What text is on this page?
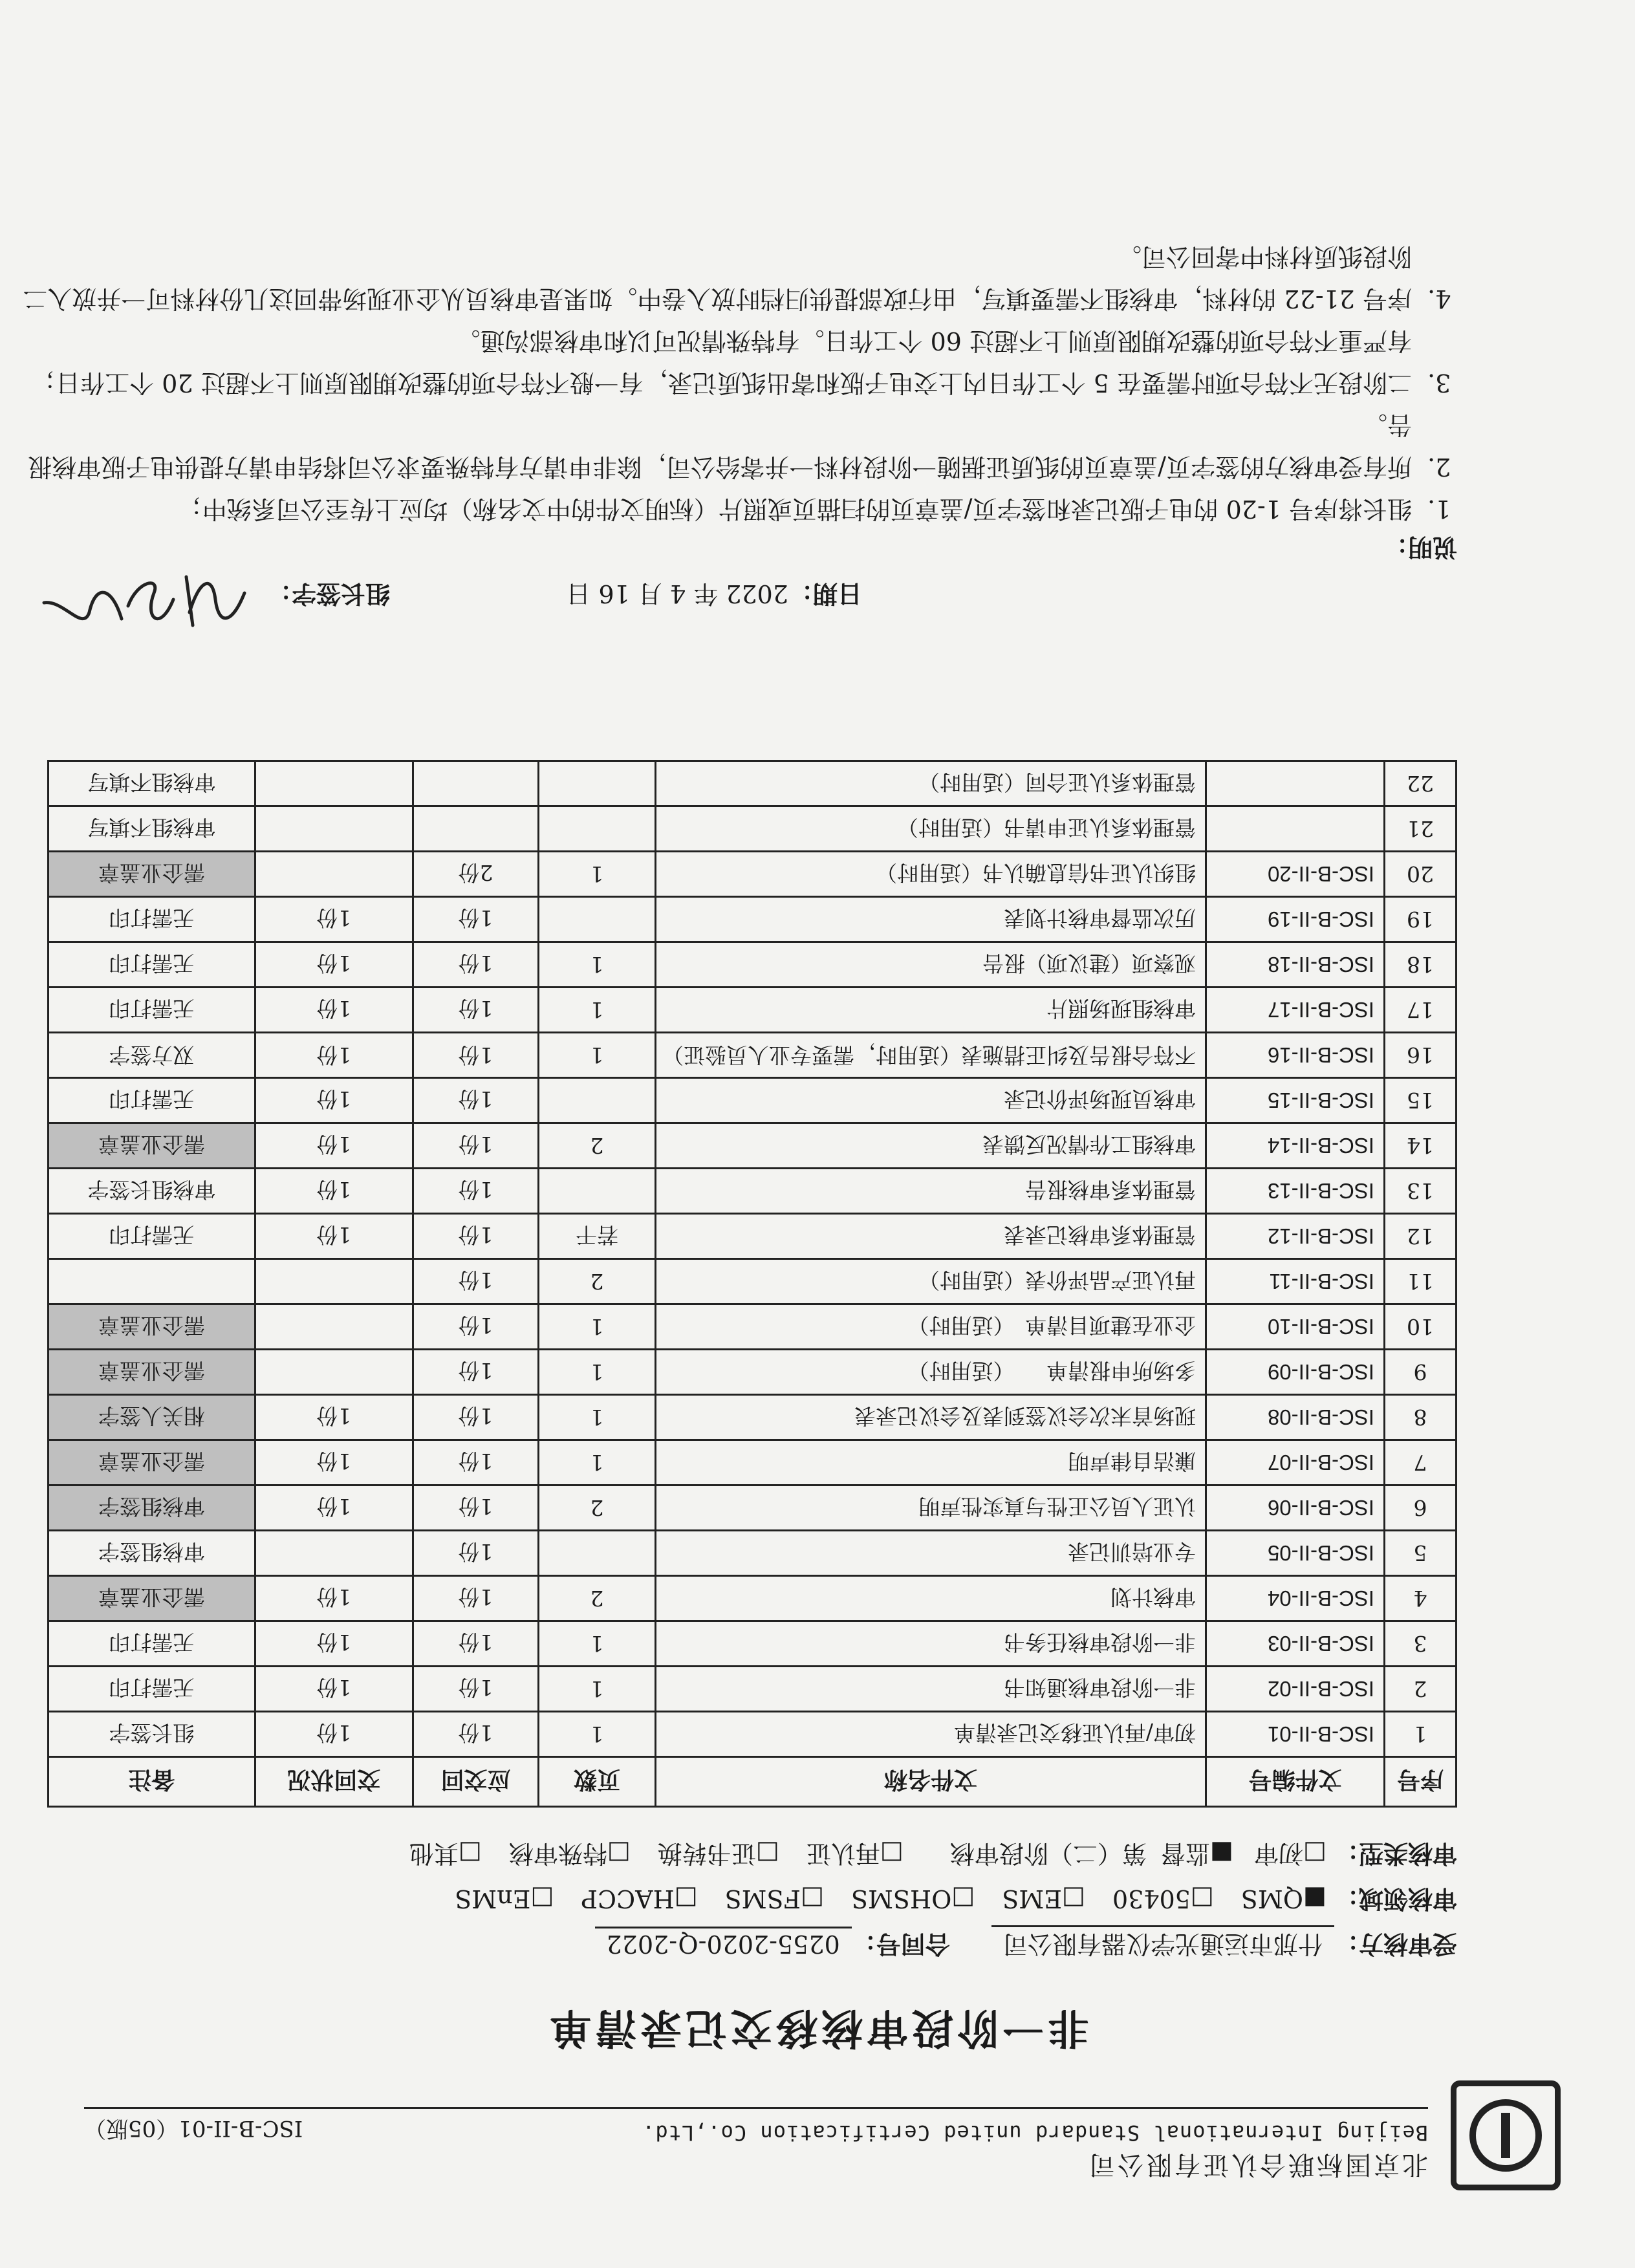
北京国标联合认证有限公司
Beijing International Standard united Certification Co.,Ltd.
ISC-B-II-01（05版）
非一阶段审核移交记录清单
受审核方：什邡市运通光学仪器有限公司  合同号：0255-2020-Q-2022
审核领域： ■QMS □50430 □EMS □OHSMS □FSMS □HACCP □EnMS
审核类型： □初审 ■监督 第（二）阶段审核 □再认证 □证书转换 □特殊审核 □其他
序号	文件编号	文件名称	页数	应交回	交回状况	备注
1	ISC-B-II-01	初审/再认证移交记录清单	1	1份	1份	组长签字
2	ISC-B-II-02	非一阶段审核通知书	1	1份	1份	无需打印
3	ISC-B-II-03	非一阶段审核任务书	1	1份	1份	无需打印
4	ISC-B-II-04	审核计划	2	1份	1份	需企业盖章
5	ISC-B-II-05	专业培训记录		1份		审核组签字
6	ISC-B-II-06	认证人员公正性与真实性声明	2	1份	1份	审核组签字
7	ISC-B-II-07	廉洁自律声明	1	1份	1份	需企业盖章
8	ISC-B-II-08	现场首末次会议签到表及会议记录表	1	1份	1份	相关人签字
9	ISC-B-II-09	多场所申报清单　　（适用时）	1	1份		需企业盖章
10	ISC-B-II-10	企业在建项目清单　（适用时）	1	1份		需企业盖章
11	ISC-B-II-11	再认证产品评价表（适用时）	2	1份		
12	ISC-B-II-12	管理体系审核记录表	若干	1份	1份	无需打印
13	ISC-B-II-13	管理体系审核报告		1份	1份	审核组长签字
14	ISC-B-II-14	审核组工作情况反馈表	2	1份	1份	需企业盖章
15	ISC-B-II-15	审核员现场评价记录		1份	1份	无需打印
16	ISC-B-II-16	不符合报告及纠正措施表（适用时，需要专业人员验证）	1	1份	1份	双方签字
17	ISC-B-II-17	审核组现场照片	1	1份	1份	无需打印
18	ISC-B-II-18	观察项（建议项）报告	1	1份	1份	无需打印
19	ISC-B-II-19	历次监督审核计划表		1份	1份	无需打印
20	ISC-B-II-20	组织认证书信息确认书（适用时）	1	2份		需企业盖章
21		管理体系认证申请书（适用时）				审核组不填写
22		管理体系认证合同（适用时）				审核组不填写
日期：2022 年 4 月 16 日
组长签字：
说明：
1. 组长将序号 1-20 的电子版记录和签字页/盖章页的扫描页或照片（标明文件的中文名称）均应上传至公司系统中；
2. 所有受审核方的签字页/盖章页的纸质证据随一阶段材料一并寄给公司，除非申请方有特殊要求公司将结申请方提供电子版审核报告。
3. 二阶段无不符合项时需要在 5 个工作日内上交电子版和寄出纸质记录，有一般不符合项的整改期限原则上不超过 20 个工作日；有严重不符合项的整改期限原则上不超过 60 个工作日。有特殊情况可以和审核部沟通。
4. 序号 21-22 的材料，审核组不需要填写，由行政部提供归档时放入卷中。如果是审核员从企业现场带回这几份材料可一并放入二阶段纸质材料中寄回公司。
